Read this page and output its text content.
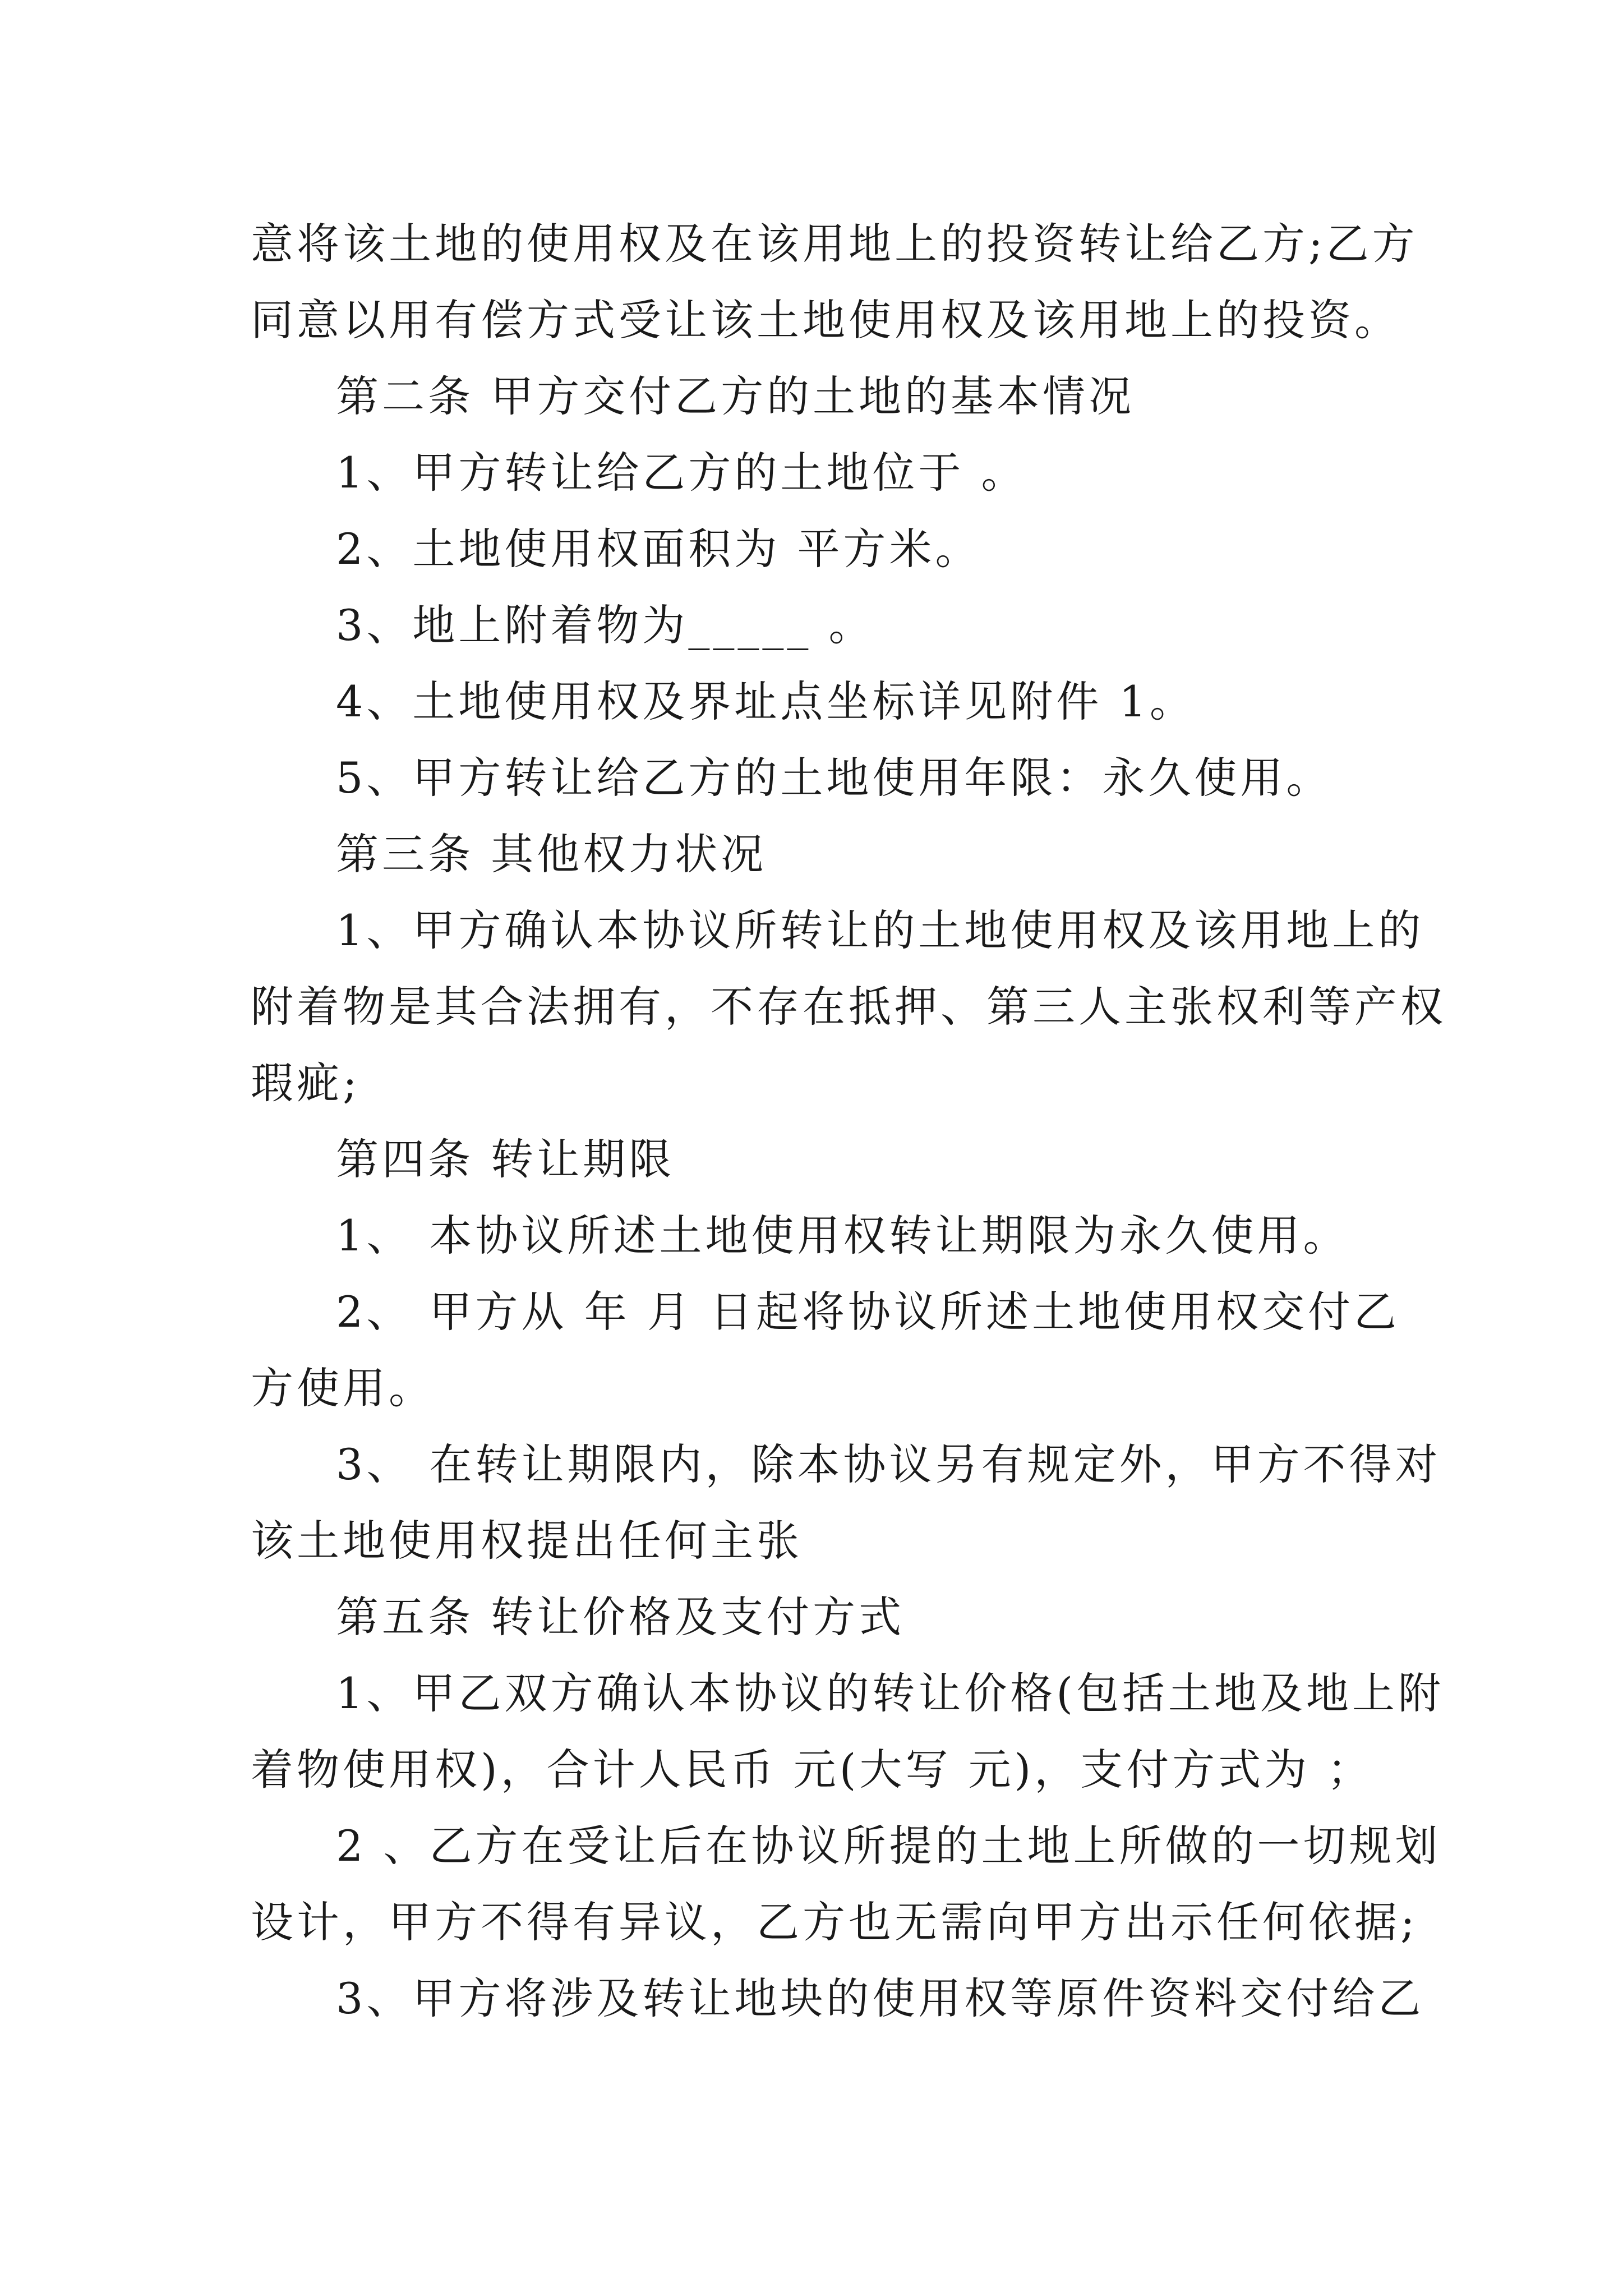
意将该土地的使用权及在该用地上的投资转让给乙方;乙方
同意以用有偿方式受让该土地使用权及该用地上的投资。
第二条 甲方交付乙方的土地的基本情况
1、甲方转让给乙方的土地位于 。
2、土地使用权面积为 平方米。
3、地上附着物为_____ 。
4、土地使用权及界址点坐标详见附件 1。
5、甲方转让给乙方的土地使用年限：永久使用。
第三条 其他权力状况
1、甲方确认本协议所转让的土地使用权及该用地上的
附着物是其合法拥有，不存在抵押、第三人主张权利等产权
瑕疵;
第四条 转让期限
1、 本协议所述土地使用权转让期限为永久使用。
2、 甲方从 年 月 日起将协议所述土地使用权交付乙
方使用。
3、 在转让期限内，除本协议另有规定外，甲方不得对
该土地使用权提出任何主张
第五条 转让价格及支付方式
1、甲乙双方确认本协议的转让价格(包括土地及地上附
着物使用权)，合计人民币 元(大写 元)，支付方式为 ；
2 、乙方在受让后在协议所提的土地上所做的一切规划
设计，甲方不得有异议，乙方也无需向甲方出示任何依据;
3、甲方将涉及转让地块的使用权等原件资料交付给乙
